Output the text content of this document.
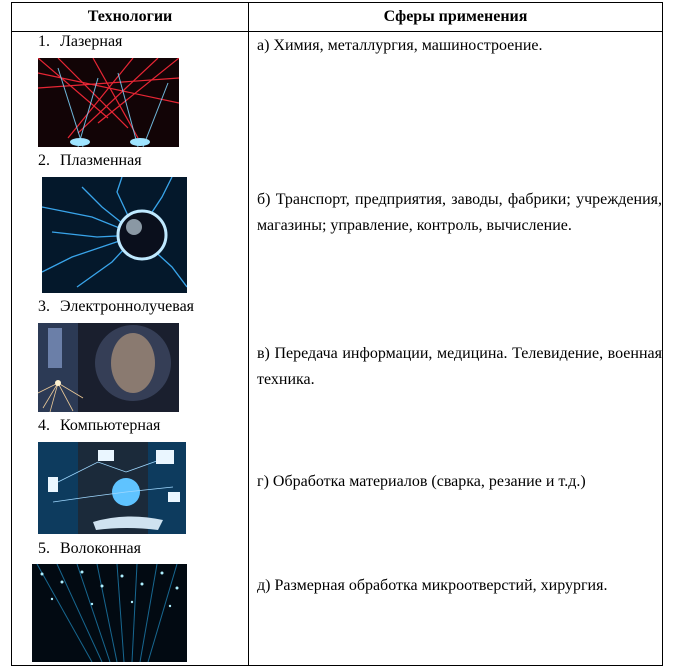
Технологии	Сферы применения
1. Лазерная
2. Плазменная
3. Электроннолучевая
4. Компьютерная
5. Волоконная
а) Химия, металлургия, машиностроение.
б) Транспорт, предприятия, заводы, фабрики; учреждения, магазины; управление, контроль, вычисление.
в) Передача информации, медицина. Телевидение, военная техника.
г) Обработка материалов (сварка, резание и т.д.)
д) Размерная обработка микроотверстий, хирургия.
